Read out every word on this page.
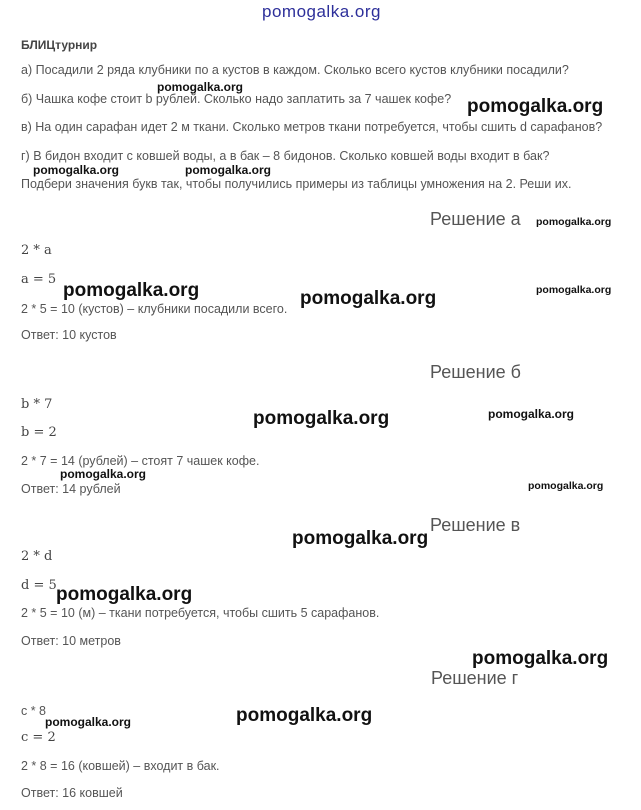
pomogalka.org
БЛИЦтурнир
а) Посадили 2 ряда клубники по a кустов в каждом. Сколько всего кустов клубники посадили?
б) Чашка кофе стоит b рублей. Сколько надо заплатить за 7 чашек кофе?
в) На один сарафан идет 2 м ткани. Сколько метров ткани потребуется, чтобы сшить d сарафанов?
г) В бидон входит c ковшей воды, а в бак – 8 бидонов. Сколько ковшей воды входит в бак?
Подбери значения букв так, чтобы получились примеры из таблицы умножения на 2. Реши их.
Решение а
2 * a
a = 5
2 * 5 = 10 (кустов) – клубники посадили всего.
Ответ: 10 кустов
Решение б
b * 7
b = 2
2 * 7 = 14 (рублей) – стоят 7 чашек кофе.
Ответ: 14 рублей
Решение в
2 * d
d = 5
2 * 5 = 10 (м) – ткани потребуется, чтобы сшить 5 сарафанов.
Ответ: 10 метров
Решение г
c * 8
c = 2
2 * 8 = 16 (ковшей) – входит в бак.
Ответ: 16 ковшей
pomogalka.org
pomogalka.org
pomogalka.org	pomogalka.org
pomogalka.org
pomogalka.org	pomogalka.org	pomogalka.org
pomogalka.org	pomogalka.org
pomogalka.org
pomogalka.org
pomogalka.org
pomogalka.org
pomogalka.org
pomogalka.org	pomogalka.org
